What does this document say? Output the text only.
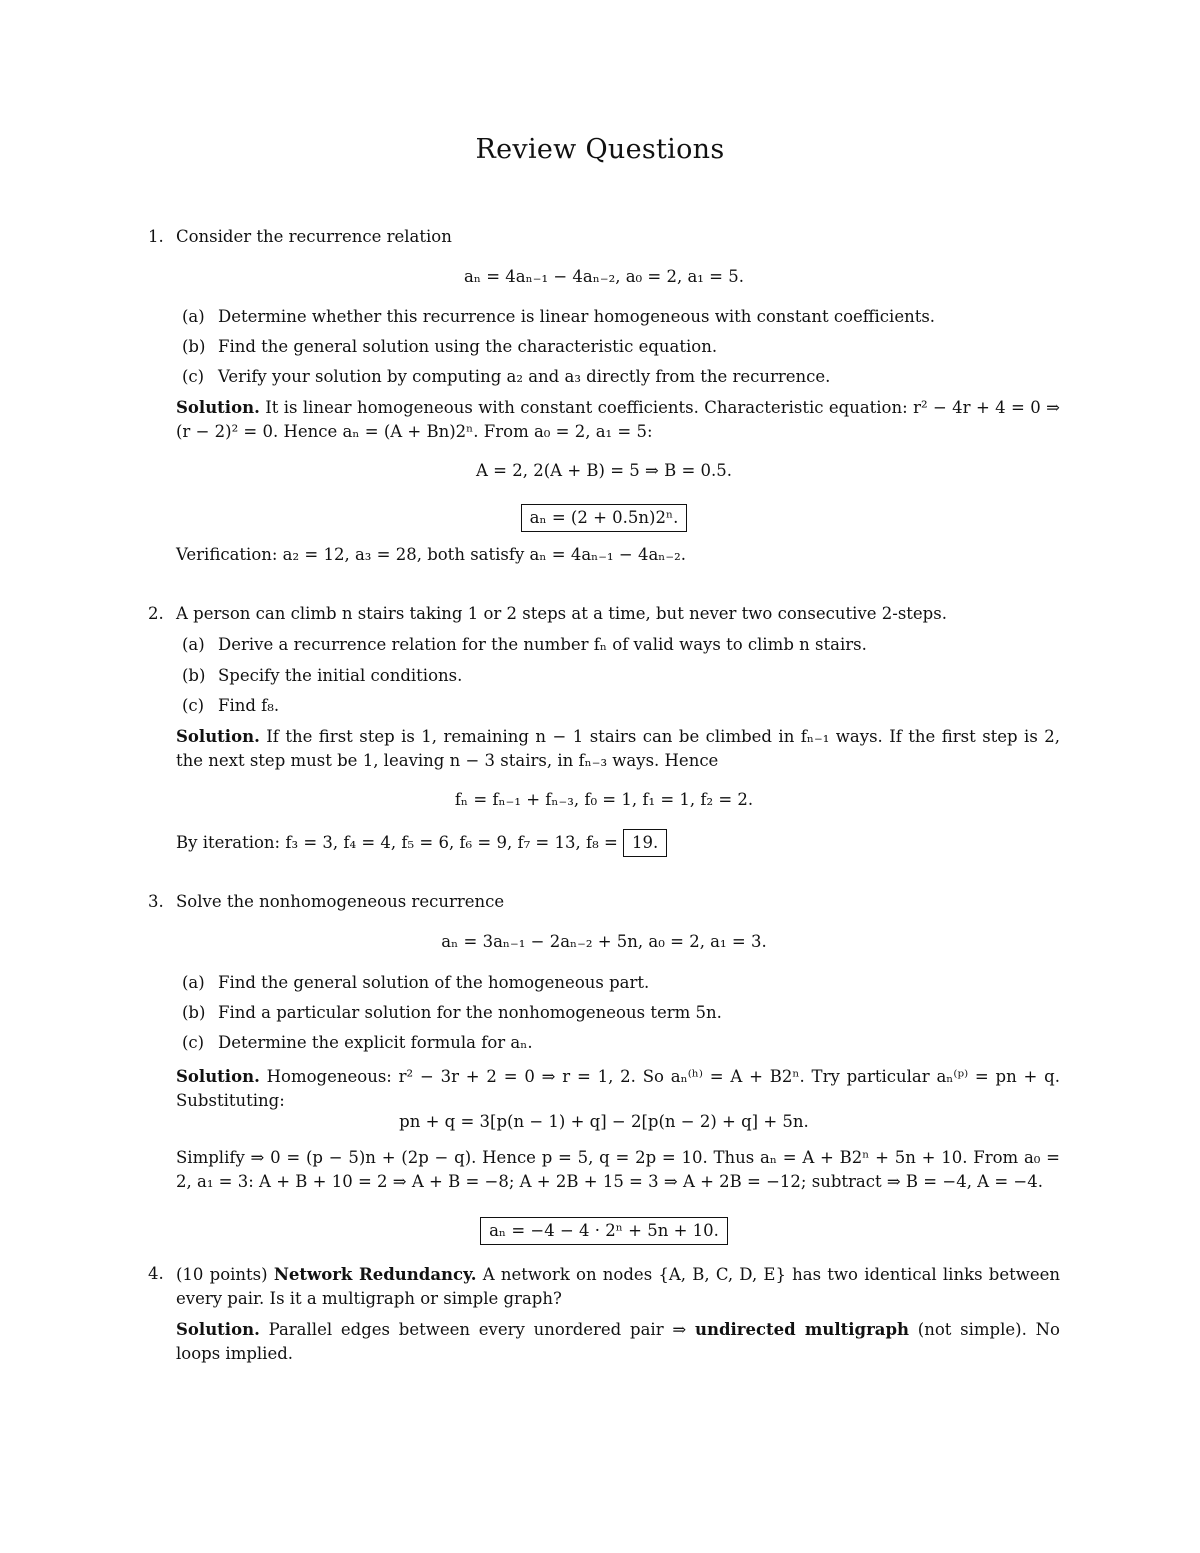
Review Questions
1. Consider the recurrence relation
aₙ = 4aₙ₋₁ − 4aₙ₋₂, a₀ = 2, a₁ = 5.
(a) Determine whether this recurrence is linear homogeneous with constant coefficients.
(b) Find the general solution using the characteristic equation.
(c) Verify your solution by computing a₂ and a₃ directly from the recurrence.
Solution. It is linear homogeneous with constant coefficients. Characteristic equation: r² − 4r + 4 = 0 ⇒ (r − 2)² = 0. Hence aₙ = (A + Bn)2ⁿ. From a₀ = 2, a₁ = 5:
A = 2, 2(A + B) = 5 ⇒ B = 0.5.
aₙ = (2 + 0.5n)2ⁿ.
Verification: a₂ = 12, a₃ = 28, both satisfy aₙ = 4aₙ₋₁ − 4aₙ₋₂.
2. A person can climb n stairs taking 1 or 2 steps at a time, but never two consecutive 2-steps.
(a) Derive a recurrence relation for the number fₙ of valid ways to climb n stairs.
(b) Specify the initial conditions.
(c) Find f₈.
Solution. If the first step is 1, remaining n − 1 stairs can be climbed in fₙ₋₁ ways. If the first step is 2, the next step must be 1, leaving n − 3 stairs, in fₙ₋₃ ways. Hence
fₙ = fₙ₋₁ + fₙ₋₃, f₀ = 1, f₁ = 1, f₂ = 2.
By iteration: f₃ = 3, f₄ = 4, f₅ = 6, f₆ = 9, f₇ = 13, f₈ = 19.
3. Solve the nonhomogeneous recurrence
aₙ = 3aₙ₋₁ − 2aₙ₋₂ + 5n, a₀ = 2, a₁ = 3.
(a) Find the general solution of the homogeneous part.
(b) Find a particular solution for the nonhomogeneous term 5n.
(c) Determine the explicit formula for aₙ.
Solution. Homogeneous: r² − 3r + 2 = 0 ⇒ r = 1, 2. So aₙ⁽ʰ⁾ = A + B2ⁿ. Try particular aₙ⁽ᵖ⁾ = pn + q. Substituting:
pn + q = 3[p(n − 1) + q] − 2[p(n − 2) + q] + 5n.
Simplify ⇒ 0 = (p − 5)n + (2p − q). Hence p = 5, q = 2p = 10. Thus aₙ = A + B2ⁿ + 5n + 10. From a₀ = 2, a₁ = 3: A + B + 10 = 2 ⇒ A + B = −8; A + 2B + 15 = 3 ⇒ A + 2B = −12; subtract ⇒ B = −4, A = −4.
aₙ = −4 − 4 · 2ⁿ + 5n + 10.
4. (10 points) Network Redundancy. A network on nodes {A, B, C, D, E} has two identical links between every pair. Is it a multigraph or simple graph?
Solution. Parallel edges between every unordered pair ⇒ undirected multigraph (not simple). No loops implied.
